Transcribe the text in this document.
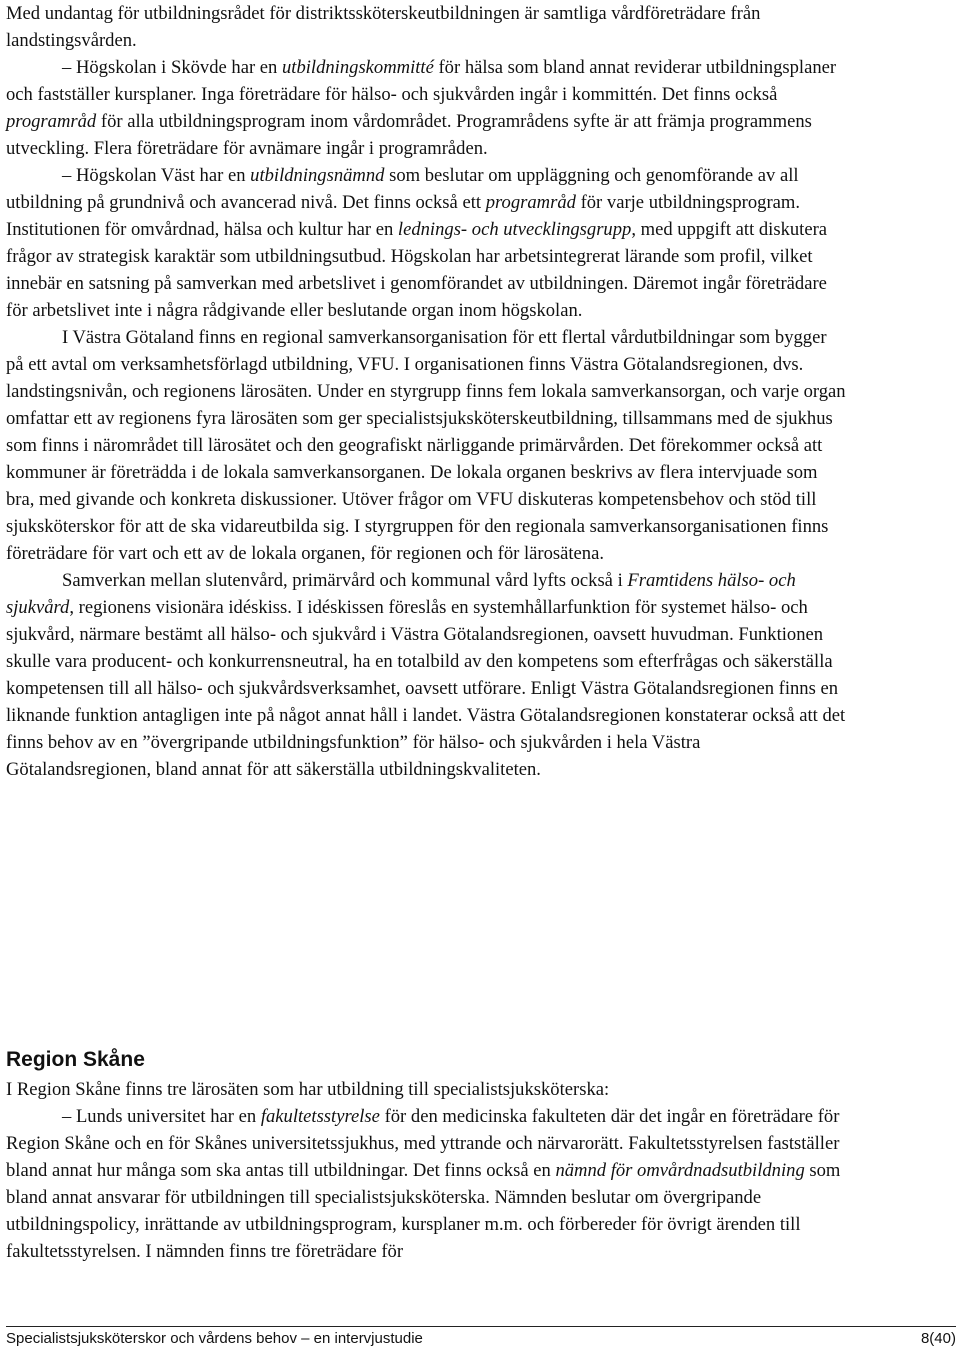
Med undantag för utbildningsrådet för distriktssköterskeutbildningen är samtliga vårdföreträdare från landstingsvården.

– Högskolan i Skövde har en utbildningskommitté för hälsa som bland annat reviderar utbildningsplaner och fastställer kursplaner. Inga företrädare för hälso- och sjukvården ingår i kommittén. Det finns också programråd för alla utbildningsprogram inom vårdområdet. Programrådens syfte är att främja programmens utveckling. Flera företrädare för avnämare ingår i programråden.

– Högskolan Väst har en utbildningsnämnd som beslutar om uppläggning och genomförande av all utbildning på grundnivå och avancerad nivå. Det finns också ett programråd för varje utbildningsprogram. Institutionen för omvårdnad, hälsa och kultur har en lednings- och utvecklingsgrupp, med uppgift att diskutera frågor av strategisk karaktär som utbildningsutbud. Högskolan har arbetsintegrerat lärande som profil, vilket innebär en satsning på samverkan med arbetslivet i genomförandet av utbildningen. Däremot ingår företrädare för arbetslivet inte i några rådgivande eller beslutande organ inom högskolan.

I Västra Götaland finns en regional samverkansorganisation för ett flertal vårdutbildningar som bygger på ett avtal om verksamhetsförlagd utbildning, VFU. I organisationen finns Västra Götalandsregionen, dvs. landstingsnivån, och regionens lärosäten. Under en styrgrupp finns fem lokala samverkansorgan, och varje organ omfattar ett av regionens fyra lärosäten som ger specialistsjuksköterskeutbildning, tillsammans med de sjukhus som finns i närområdet till lärosätet och den geografiskt närliggande primärvården. Det förekommer också att kommuner är företrädda i de lokala samverkansorganen. De lokala organen beskrivs av flera intervjuade som bra, med givande och konkreta diskussioner. Utöver frågor om VFU diskuteras kompetensbehov och stöd till sjuksköterskor för att de ska vidareutbilda sig. I styrgruppen för den regionala samverkansorganisationen finns företrädare för vart och ett av de lokala organen, för regionen och för lärosätena.

Samverkan mellan slutenvård, primärvård och kommunal vård lyfts också i Framtidens hälso- och sjukvård, regionens visionära idéskiss. I idéskissen föreslås en systemhållarfunktion för systemet hälso- och sjukvård, närmare bestämt all hälso- och sjukvård i Västra Götalandsregionen, oavsett huvudman. Funktionen skulle vara producent- och konkurrensneutral, ha en totalbild av den kompetens som efterfrågas och säkerställa kompetensen till all hälso- och sjukvårdsverksamhet, oavsett utförare. Enligt Västra Götalandsregionen finns en liknande funktion antagligen inte på något annat håll i landet. Västra Götalandsregionen konstaterar också att det finns behov av en ”övergripande utbildningsfunktion” för hälso- och sjukvården i hela Västra Götalandsregionen, bland annat för att säkerställa utbildningskvaliteten.

Region Skåne

I Region Skåne finns tre lärosäten som har utbildning till specialistsjuksköterska:

– Lunds universitet har en fakultetsstyrelse för den medicinska fakulteten där det ingår en företrädare för Region Skåne och en för Skånes universitetssjukhus, med yttrande och närvarorätt. Fakultetsstyrelsen fastställer bland annat hur många som ska antas till utbildningar. Det finns också en nämnd för omvårdnadsutbildning som bland annat ansvarar för utbildningen till specialistsjuksköterska. Nämnden beslutar om övergripande utbildningspolicy, inrättande av utbildningsprogram, kursplaner m.m. och förbereder för övrigt ärenden till fakultetsstyrelsen. I nämnden finns tre företrädare för

Specialistsjuksköterskor och vårdens behov – en intervjustudie	8(40)
